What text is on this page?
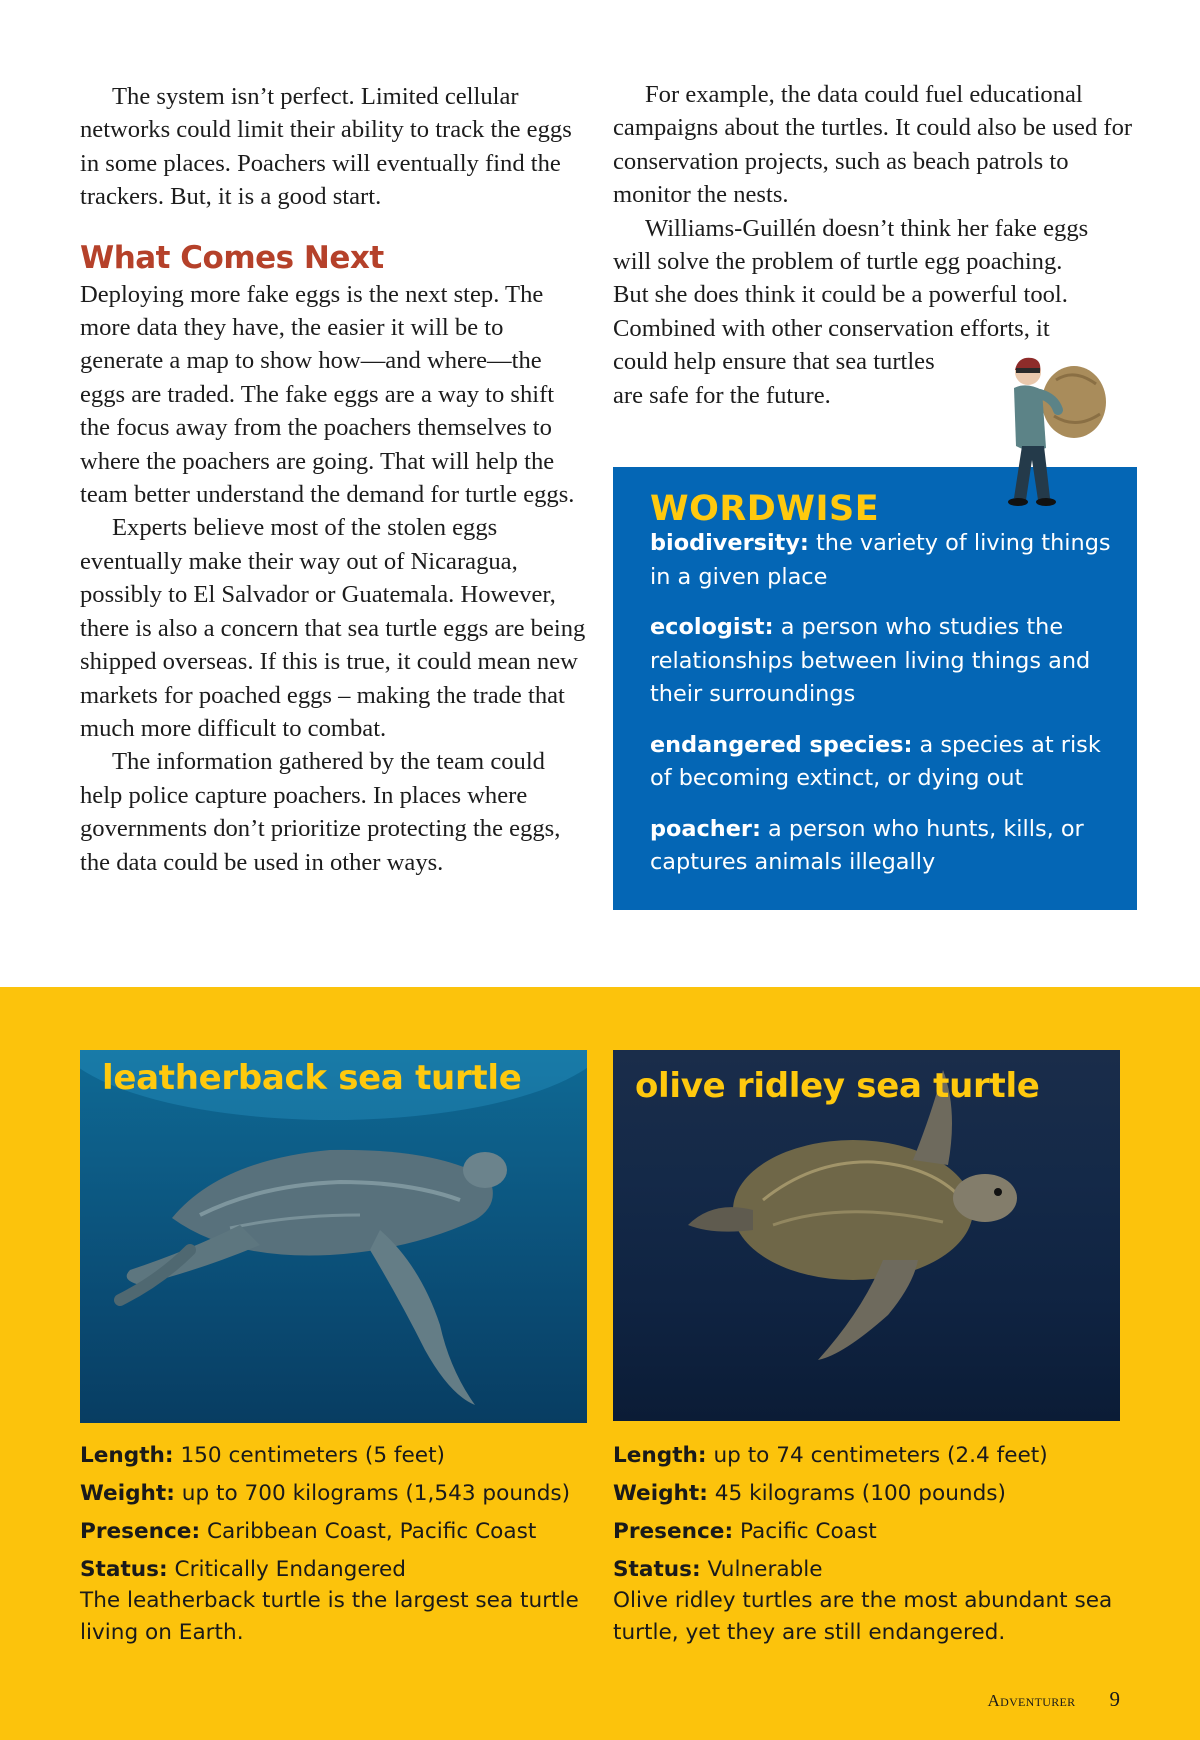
The system isn’t perfect. Limited cellular networks could limit their ability to track the eggs in some places. Poachers will eventually find the trackers. But, it is a good start.

What Comes Next

Deploying more fake eggs is the next step. The more data they have, the easier it will be to generate a map to show how—and where—the eggs are traded. The fake eggs are a way to shift the focus away from the poachers themselves to where the poachers are going. That will help the team better understand the demand for turtle eggs.

Experts believe most of the stolen eggs eventually make their way out of Nicaragua, possibly to El Salvador or Guatemala. However, there is also a concern that sea turtle eggs are being shipped overseas. If this is true, it could mean new markets for poached eggs – making the trade that much more difficult to combat.

The information gathered by the team could help police capture poachers. In places where governments don’t prioritize protecting the eggs, the data could be used in other ways.

For example, the data could fuel educational campaigns about the turtles. It could also be used for conservation projects, such as beach patrols to monitor the nests.

Williams-Guillén doesn’t think her fake eggs
will solve the problem of turtle egg poaching.
But she does think it could be a powerful tool.
Combined with other conservation efforts, it
could help ensure that sea turtles
are safe for the future.

WORDWISE

biodiversity: the variety of living things in a given place

ecologist: a person who studies the relationships between living things and their surroundings

endangered species: a species at risk of becoming extinct, or dying out

poacher: a person who hunts, kills, or captures animals illegally

leatherback sea turtle	olive ridley sea turtle
Length: 150 centimeters (5 feet)
Weight: up to 700 kilograms (1,543 pounds)
Presence: Caribbean Coast, Pacific Coast
Status: Critically Endangered
The leatherback turtle is the largest sea turtle living on Earth.
Length: up to 74 centimeters (2.4 feet)
Weight: 45 kilograms (100 pounds)
Presence: Pacific Coast
Status: Vulnerable
Olive ridley turtles are the most abundant sea turtle, yet they are still endangered.
Adventurer 9
